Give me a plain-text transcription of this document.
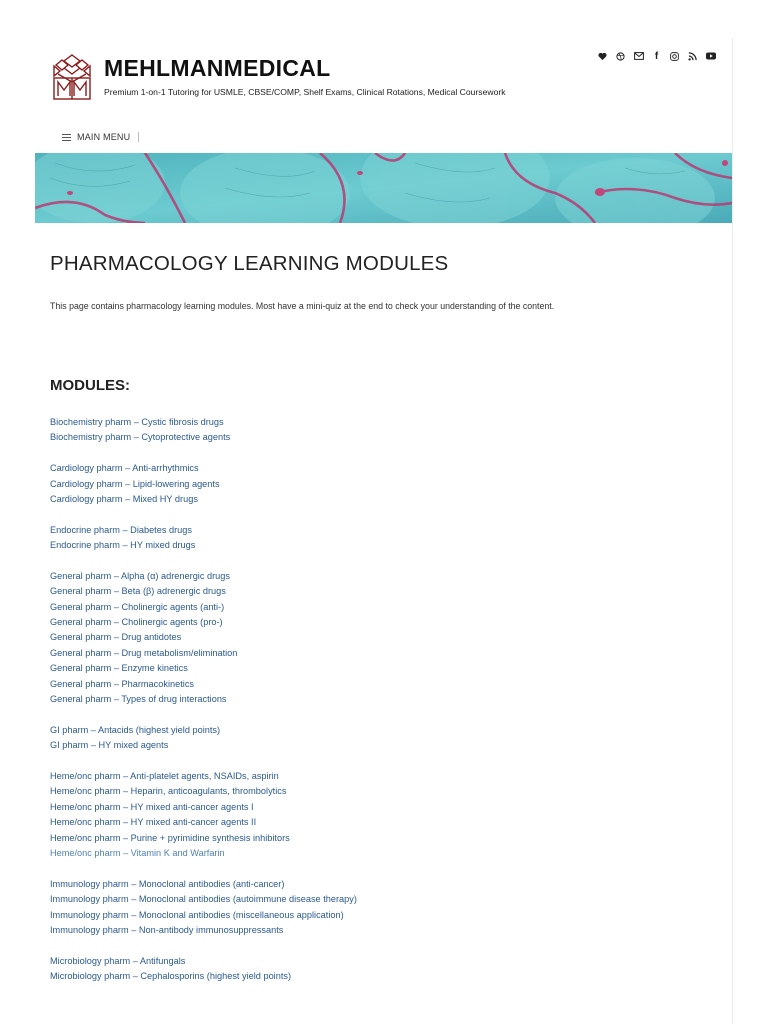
MEHLMANMEDICAL
Premium 1-on-1 Tutoring for USMLE, CBSE/COMP, Shelf Exams, Clinical Rotations, Medical Coursework
f
MAIN MENU
PHARMACOLOGY LEARNING MODULES

This page contains pharmacology learning modules. Most have a mini-quiz at the end to check your understanding of the content.

MODULES:
Biochemistry pharm – Cystic fibrosis drugs
Biochemistry pharm – Cytoprotective agents
Cardiology pharm – Anti-arrhythmics
Cardiology pharm – Lipid-lowering agents
Cardiology pharm – Mixed HY drugs
Endocrine pharm – Diabetes drugs
Endocrine pharm – HY mixed drugs
General pharm – Alpha (α) adrenergic drugs
General pharm – Beta (β) adrenergic drugs
General pharm – Cholinergic agents (anti-)
General pharm – Cholinergic agents (pro-)
General pharm – Drug antidotes
General pharm – Drug metabolism/elimination
General pharm – Enzyme kinetics
General pharm – Pharmacokinetics
General pharm – Types of drug interactions
GI pharm – Antacids (highest yield points)
GI pharm – HY mixed agents
Heme/onc pharm – Anti-platelet agents, NSAIDs, aspirin
Heme/onc pharm – Heparin, anticoagulants, thrombolytics
Heme/onc pharm – HY mixed anti-cancer agents I
Heme/onc pharm – HY mixed anti-cancer agents II
Heme/onc pharm – Purine + pyrimidine synthesis inhibitors
Heme/onc pharm – Vitamin K and Warfarin
Immunology pharm – Monoclonal antibodies (anti-cancer)
Immunology pharm – Monoclonal antibodies (autoimmune disease therapy)
Immunology pharm – Monoclonal antibodies (miscellaneous application)
Immunology pharm – Non-antibody immunosuppressants
Microbiology pharm – Antifungals
Microbiology pharm – Cephalosporins (highest yield points)
